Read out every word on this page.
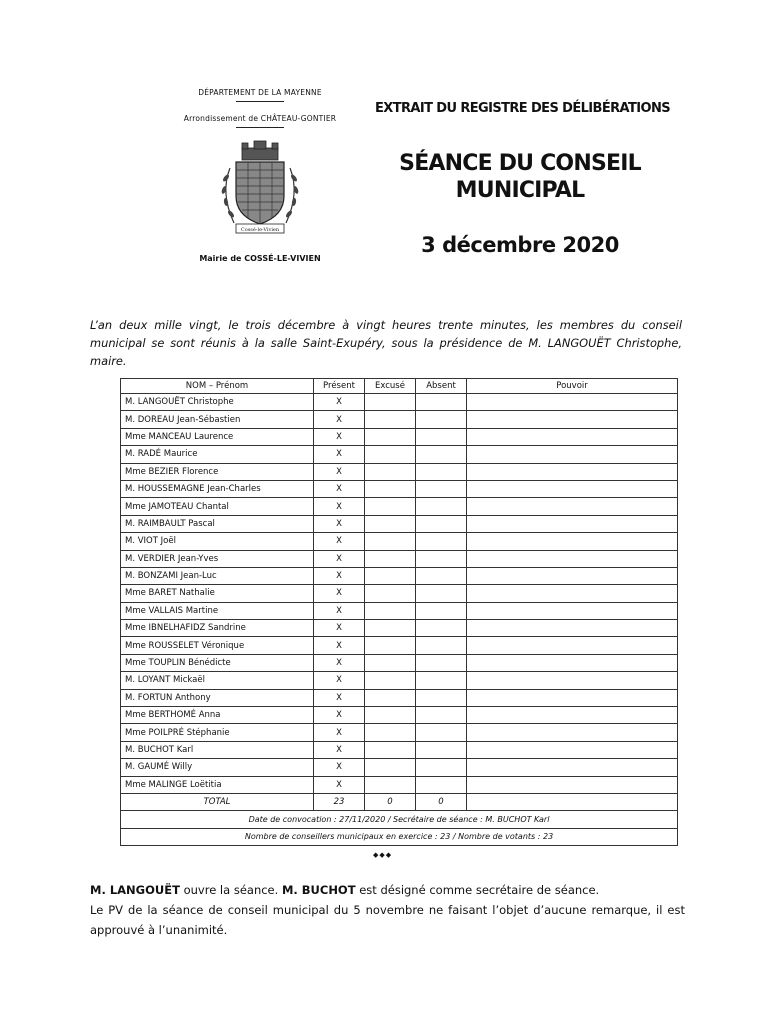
DÉPARTEMENT DE LA MAYENNE
Arrondissement de CHÂTEAU-GONTIER
Cossé-le-Vivien
Mairie de COSSÉ-LE-VIVIEN
EXTRAIT DU REGISTRE DES DÉLIBÉRATIONS
SÉANCE DU CONSEIL
MUNICIPAL
3 décembre 2020
L’an deux mille vingt, le trois décembre à vingt heures trente minutes, les membres du conseil municipal se sont réunis à la salle Saint-Exupéry, sous la présidence de M. LANGOUËT Christophe, maire.
NOM – Prénom	Présent	Excusé	Absent	Pouvoir
M. LANGOUËT Christophe	X			
M. DOREAU Jean-Sébastien	X			
Mme MANCEAU Laurence	X			
M. RADÉ Maurice	X			
Mme BEZIER Florence	X			
M. HOUSSEMAGNE Jean-Charles	X			
Mme JAMOTEAU Chantal	X			
M. RAIMBAULT Pascal	X			
M. VIOT Joël	X			
M. VERDIER Jean-Yves	X			
M. BONZAMI Jean-Luc	X			
Mme BARET Nathalie	X			
Mme VALLAIS Martine	X			
Mme IBNELHAFIDZ Sandrine	X			
Mme ROUSSELET Véronique	X			
Mme TOUPLIN Bénédicte	X			
M. LOYANT Mickaël	X			
M. FORTUN Anthony	X			
Mme BERTHOMÉ Anna	X			
Mme POILPRÉ Stéphanie	X			
M. BUCHOT Karl	X			
M. GAUMÉ Willy	X			
Mme MALINGE Loëtitia	X			
TOTAL	23	0	0	
Date de convocation : 27/11/2020 / Secrétaire de séance : M. BUCHOT Karl				
Nombre de conseillers municipaux en exercice : 23 / Nombre de votants : 23				
◆◆◆
M. LANGOUËT ouvre la séance. M. BUCHOT est désigné comme secrétaire de séance.
Le PV de la séance de conseil municipal du 5 novembre ne faisant l’objet d’aucune remarque, il est approuvé à l’unanimité.
